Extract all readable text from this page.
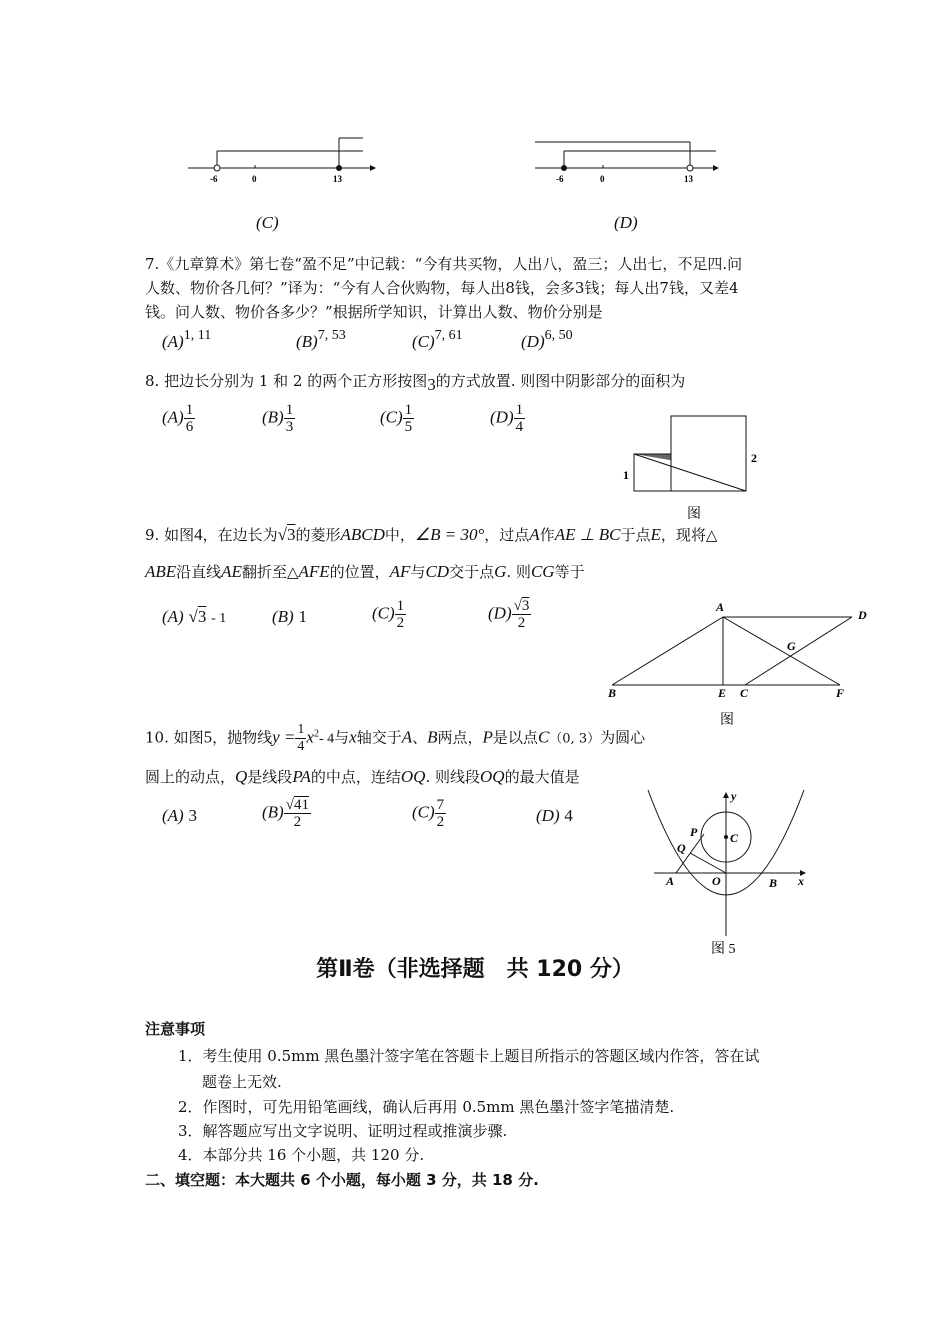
-6	0	13
(C)
-6	0	13
(D)
7.《九章算术》第七卷“盈不足”中记载：“今有共买物，人出八，盈三；人出七，不足四.问
人数、物价各几何？”译为：“今有人合伙购物，每人出8钱，会多3钱；每人出7钱，又差4
钱。问人数、物价各多少？”根据所学知识，计算出人数、物价分别是
(A)1, 11	(B)7, 53	(C)7, 61	(D)6, 50
8. 把边长分别为 1 和 2 的两个正方形按图3的方式放置. 则图中阴影部分的面积为
$(A) \frac{1}{6}$	$(B) \frac{1}{3}$	$(C) \frac{1}{5}$	$(D) \frac{1}{4}$
1
2
图
9. 如图4，在边长为√3的菱形ABCD中，∠B = 30°，过点A作AE ⊥ BC于点E，现将△
ABE沿直线AE翻折至△AFE的位置，AF与CD交于点G. 则CG等于
(A) √3 - 1	(B) 1	$(C) \frac{1}{2}$	$(D) \frac{√3}{2}$	A
B	C
D
E	F
G
图
10. 如图5，抛物线$y = \frac{1}{4} x^2-$ 4与x轴交于A、B两点，P是以点C（0, 3）为圆心
圆上的动点，Q是线段PA的中点，连结OQ. 则线段OQ的最大值是
(A) 3	$(B) \frac{√41}{2}$	$(C) \frac{7}{2}$	(D) 4
y
x
P
Q
C
A	O	B
图 5
第Ⅱ卷（非选择题　共 120 分）
注意事项
1．考生使用 0.5mm 黑色墨汁签字笔在答题卡上题目所指示的答题区域内作答，答在试
题卷上无效.
2．作图时，可先用铅笔画线，确认后再用 0.5mm 黑色墨汁签字笔描清楚.
3．解答题应写出文字说明、证明过程或推演步骤.
4．本部分共 16 个小题，共 120 分.
二、填空题：本大题共 6 个小题，每小题 3 分，共 18 分.
